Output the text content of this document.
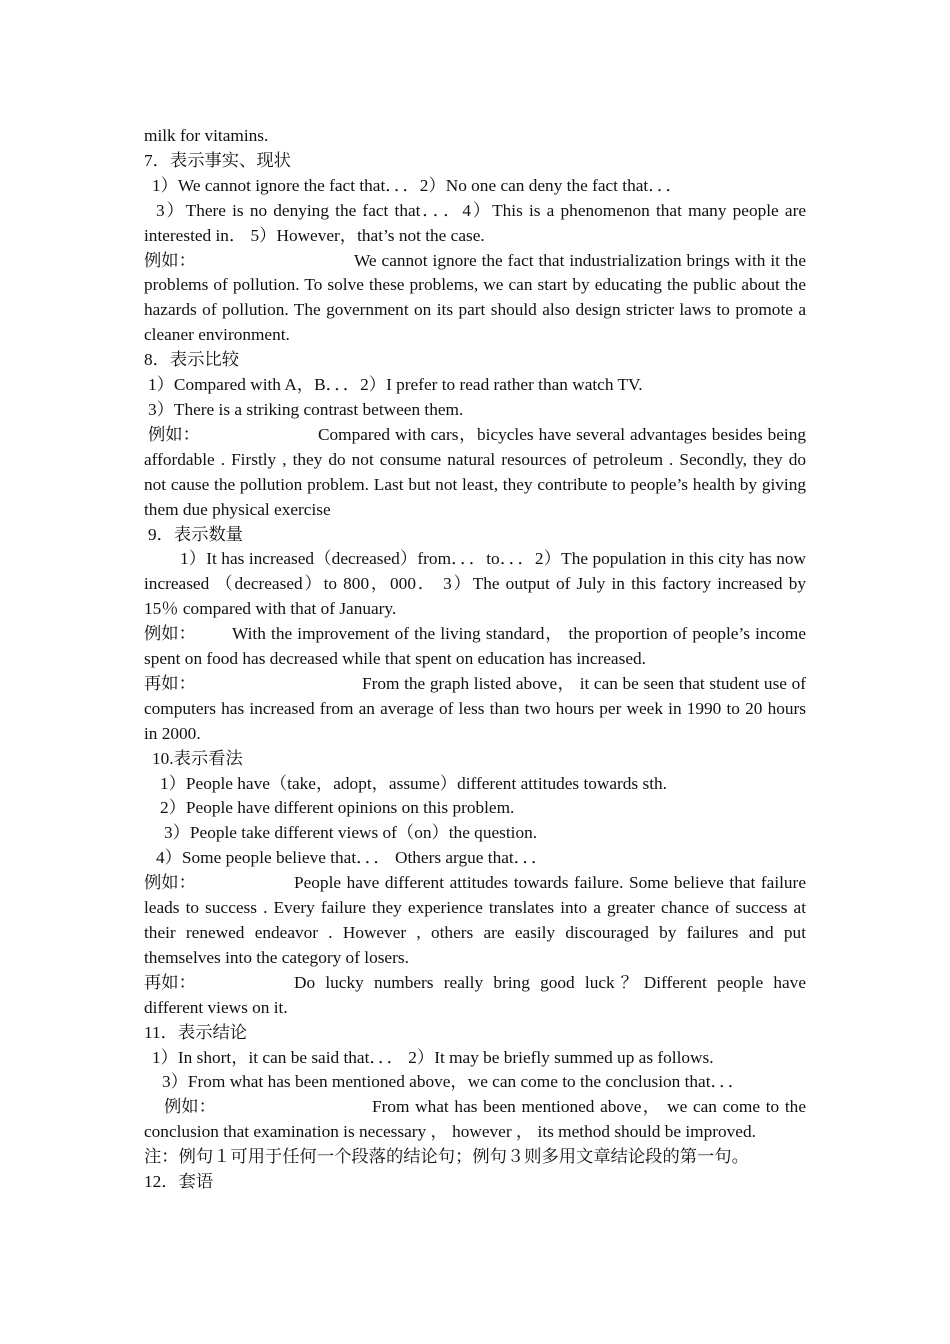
milk for vitamins.

7．表示事实、现状

1）We cannot ignore the fact that．．．2）No one can deny the fact that．．．

3）There is no denying the fact that．．．4）This is a phenomenon that many people are interested in． 5）However，that’s not the case.

例如：	We cannot ignore the fact that industrialization brings with it the problems of pollution. To solve these problems, we can start by educating the public about the hazards of pollution. The government on its part should also design stricter laws to promote a cleaner environment.

8．表示比较

1）Compared with A，B．．．2）I prefer to read rather than watch TV.

3）There is a striking contrast between them.

例如：	Compared with cars，bicycles have several advantages besides being affordable . Firstly , they do not consume natural resources of petroleum . Secondly, they do not cause the pollution problem. Last but not least, they contribute to people’s health by giving them due physical exercise

9．表示数量

1）It has increased（decreased）from．．．to．．．2）The population in this city has now increased （decreased）to 800，000． 3）The output of July in this factory increased by 15％ compared with that of January.

例如： With the improvement of the living standard， the proportion of people’s income spent on food has decreased while that spent on education has increased.

再如：	From the graph listed above， it can be seen that student use of computers has increased from an average of less than two hours per week in 1990 to 20 hours in 2000.

10.表示看法

1）People have（take，adopt，assume）different attitudes towards sth.

2）People have different opinions on this problem.

3）People take different views of（on）the question.

4）Some people believe that．．． Others argue that．．．

例如：	People have different attitudes towards failure. Some believe that failure leads to success . Every failure they experience translates into a greater chance of success at their renewed endeavor . However , others are easily discouraged by failures and put themselves into the category of losers.

再如：	Do lucky numbers really bring good luck？Different people have different views on it.

11．表示结论

1）In short，it can be said that．．． 2）It may be briefly summed up as follows.

3）From what has been mentioned above，we can come to the conclusion that．．．

例如：	From what has been mentioned above， we can come to the conclusion that examination is necessary ， however ， its method should be improved.

注：例句１可用于任何一个段落的结论句；例句３则多用文章结论段的第一句。

12．套语
